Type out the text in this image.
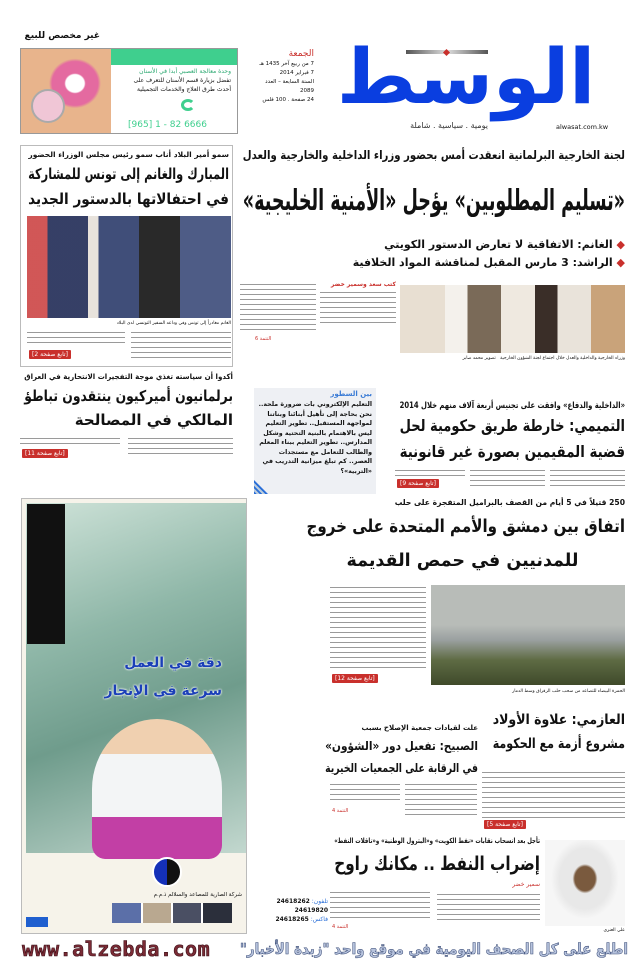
غير مخصص للبيع
وحدة معالجة العصبي أبدا في الأسنان
تفضل بزيارة قسم الأسنان للتعرف على
أحدث طرق العلاج والخدمات التجميلية
[965] 1 - 82 6666
الجمعة
7 من ربيع آخر 1435 هـ
7 فبراير 2014
السنة السابعة – العدد
2089
24 صفحة . 100 فلس الوسط
يومية . سياسية . شاملة	alwasat.com.kw
سمو أمير البلاد أناب سمو رئيس مجلس الوزراء الحضور
المبارك والغانم إلى تونس للمشاركة
في احتفالاتها بالدستور الجديد
الغانم مغادراً إلى تونس وفي وداعه السفير التونسي لدى البلاد
[تابع صفحة 2]
لجنة الخارجية البرلمانية انعقدت أمس بحضور وزراء الداخلية والخارجية والعدل
«تسليم المطلوبين» يؤجل «الأمنية الخليجية»
◆ الغانم: الاتفاقية لا تعارض الدستور الكويتي
◆ الراشد: 3 مارس المقبل لمناقشة المواد الخلافية
كتب سعد وسمير خضر
التتمة 6
وزراء الخارجية والداخلية والعدل خلال اجتماع لجنة الشؤون الخارجية   تصوير محمد صابر
أكدوا أن سياسته تغذي موجة التفجيرات الانتحارية في العراق
برلمانيون أميركيون ينتقدون تباطؤ
المالكي في المصالحة
[تابع صفحة 11]
بين السطور
التعليم الإلكتروني بات ضرورة ملحة.. نحن بحاجة إلى تأهيل أبنائنا وبناتنا لمواجهة المستقبل.. تطوير التعليم ليس بالاهتمام بالبنية التحتية وشكل المدارس.. تطوير التعليم ببناء المعلم والطالب للتعامل مع مستجدات العصر.. كم تبلغ ميزانية التدريب في «التربية»؟
«الداخلية والدفاع» وافقت على تجنيس أربعة آلاف منهم خلال 2014
التميمي: خارطة طريق حكومية لحل
قضية المقيمين بصورة غير قانونية
[تابع صفحة 9]
250 قتيلاً في 5 أيام من القصف بالبراميل المتفجرة على حلب
اتفاق بين دمشق والأمم المتحدة على خروج
للمدنيين في حمص القديمة
[تابع صفحة 12]
الحمرة البيضاء للتصاعد من سحب حلب الرقراق وسط الدمار
العازمي: علاوة الأولاد
مشروع أزمة مع الحكومة
[تابع صفحة 5]
علت لقيادات جمعية الإصلاح بسبب
الصبيح: تفعيل دور «الشؤون»
في الرقابة على الجمعيات الخيرية
التتمة 4
تأجل بعد انسحاب نقابات «نفط الكويت» و«البترول الوطنية» و«ناقلات النفط»
إضراب النفط .. مكانك راوح
سمير خضر
التتمة 4
علي العنزي
دقة في العمل
سرعة في الإنجاز
شركة الصارية للمصاعد والسلالم ذ.م.م
تلفون: 24618262
24619820
فاكس: 24618265
www.alzebda.com اطلع على كل الصحف اليومية في موقع واحد "زبدة الأخبار"
